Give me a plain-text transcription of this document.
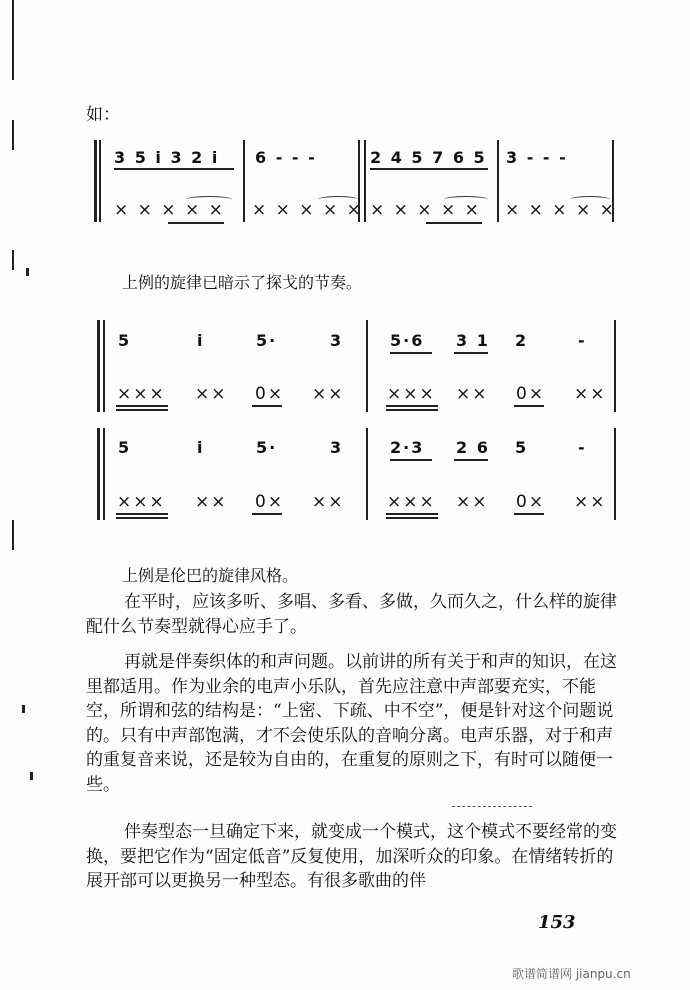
如：
3 5 i 3 2 i 6 - - -	2 4 5 7 6 5 3 - - -
× × × × × × × × × × × × × × × × × × × ×
上例的旋律已暗示了探戈的节奏。
5	i	5·	3	5·6 3 1 2	-
××× ×× 0× ××	××× ×× 0× ××
5	i	5·	3	2·3 2 6 5	-
××× ×× 0× ××	××× ×× 0× ××
上例是伦巴的旋律风格。
在平时，应该多听、多唱、多看、多做，久而久之，什么样的旋律配什么节奏型就得心应手了。
再就是伴奏织体的和声问题。以前讲的所有关于和声的知识，在这里都适用。作为业余的电声小乐队，首先应注意中声部要充实，不能空，所谓和弦的结构是：“上密、下疏、中不空”，便是针对这个问题说的。只有中声部饱满，才不会使乐队的音响分离。电声乐器，对于和声的重复音来说，还是较为自由的，在重复的原则之下，有时可以随便一些。
伴奏型态一旦确定下来，就变成一个模式，这个模式不要经常的变换，要把它作为“固定低音”反复使用，加深听众的印象。在情绪转折的展开部可以更换另一种型态。有很多歌曲的伴
153
歌谱简谱网 jianpu.cn
